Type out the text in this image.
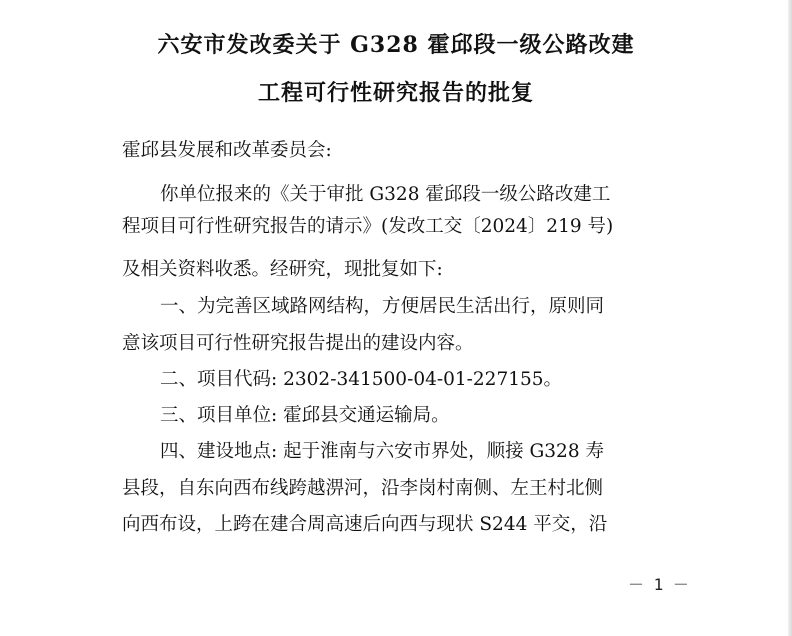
六安市发改委关于 G328 霍邱段一级公路改建
工程可行性研究报告的批复
霍邱县发展和改革委员会:
你单位报来的《关于审批 G328 霍邱段一级公路改建工
程项目可行性研究报告的请示》(发改工交〔2024〕219 号)
及相关资料收悉。经研究，现批复如下:
一、为完善区域路网结构，方便居民生活出行，原则同
意该项目可行性研究报告提出的建设内容。
二、项目代码: 2302-341500-04-01-227155。
三、项目单位: 霍邱县交通运输局。
四、建设地点: 起于淮南与六安市界处，顺接 G328 寿
县段，自东向西布线跨越淠河，沿李岗村南侧、左王村北侧
向西布设，上跨在建合周高速后向西与现状 S244 平交，沿
－ 1 －
